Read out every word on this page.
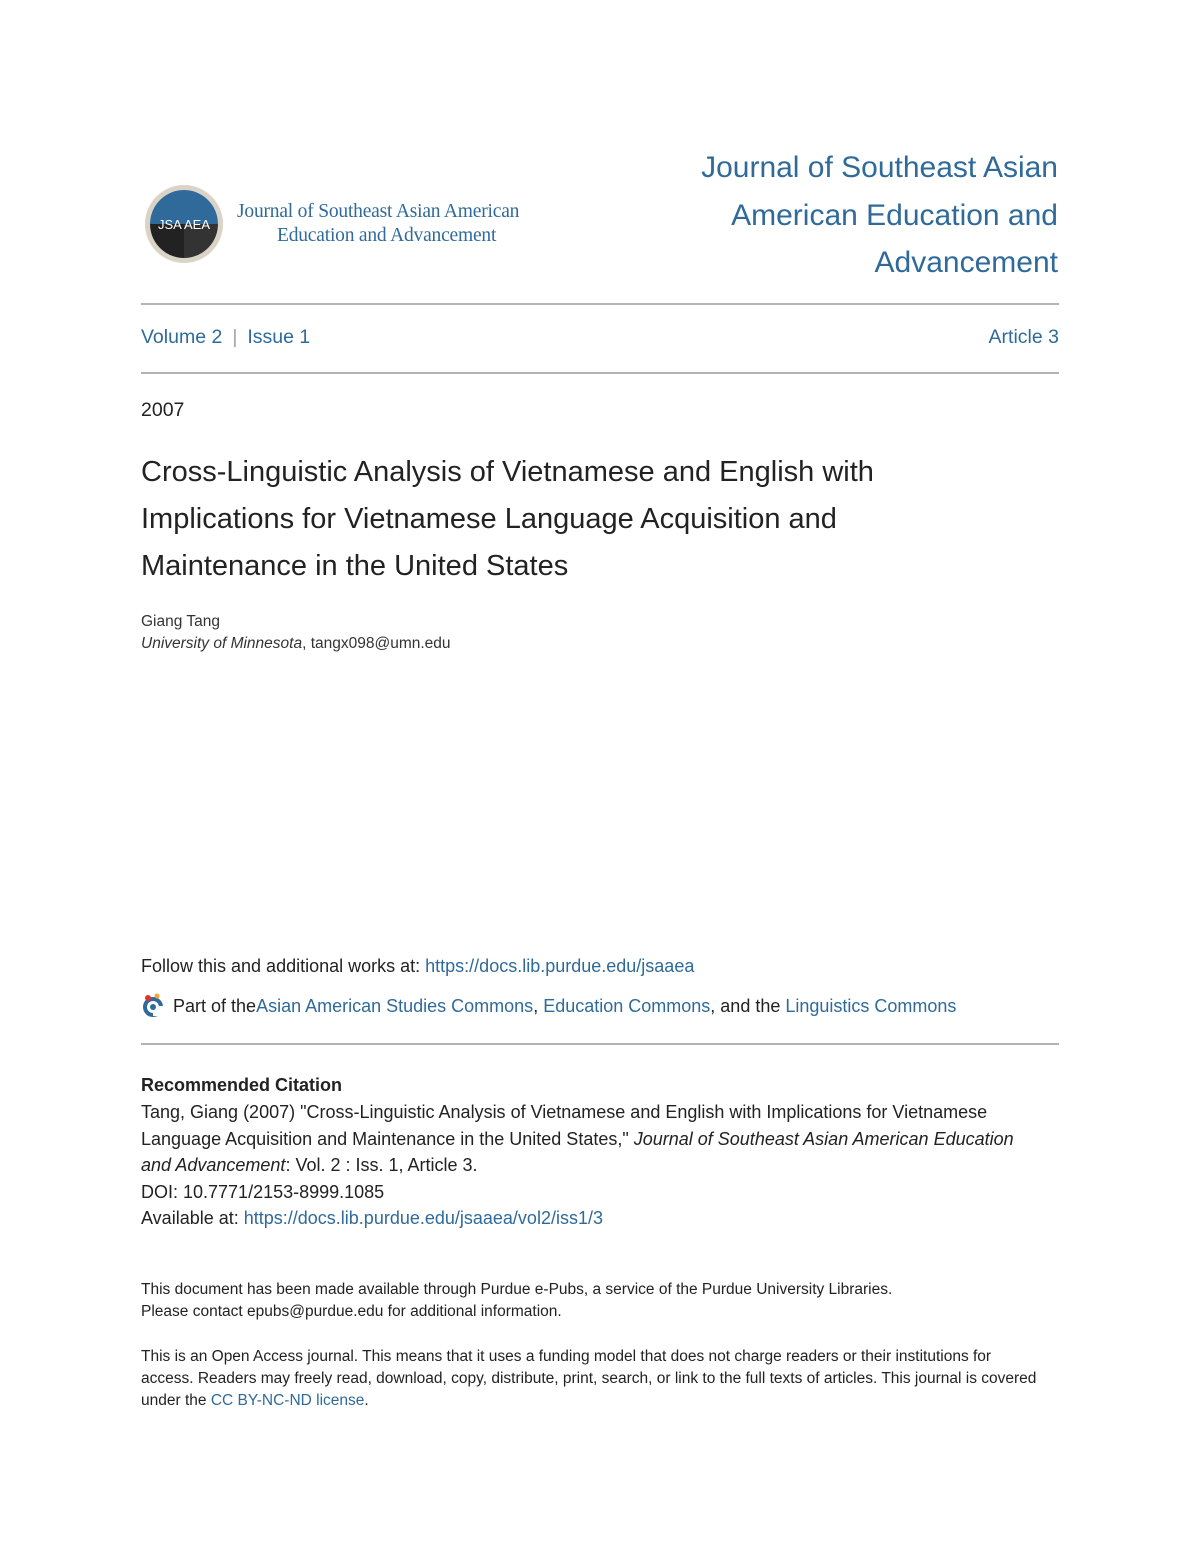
JSA AEA
Journal of Southeast Asian American
Education and Advancement
Journal of Southeast Asian American Education and Advancement
Volume 2 | Issue 1	Article 3
2007
Cross-Linguistic Analysis of Vietnamese and English with Implications for Vietnamese Language Acquisition and Maintenance in the United States
Giang Tang
University of Minnesota, tangx098@umn.edu
Follow this and additional works at: https://docs.lib.purdue.edu/jsaaea
Part of the Asian American Studies Commons , Education Commons , and the Linguistics Commons
Recommended Citation
Tang, Giang (2007) "Cross-Linguistic Analysis of Vietnamese and English with Implications for Vietnamese Language Acquisition and Maintenance in the United States," Journal of Southeast Asian American Education and Advancement: Vol. 2 : Iss. 1, Article 3.
DOI: 10.7771/2153-8999.1085
Available at: https://docs.lib.purdue.edu/jsaaea/vol2/iss1/3
This document has been made available through Purdue e-Pubs, a service of the Purdue University Libraries.
Please contact epubs@purdue.edu for additional information.
This is an Open Access journal. This means that it uses a funding model that does not charge readers or their institutions for access. Readers may freely read, download, copy, distribute, print, search, or link to the full texts of articles. This journal is covered under the CC BY-NC-ND license.
